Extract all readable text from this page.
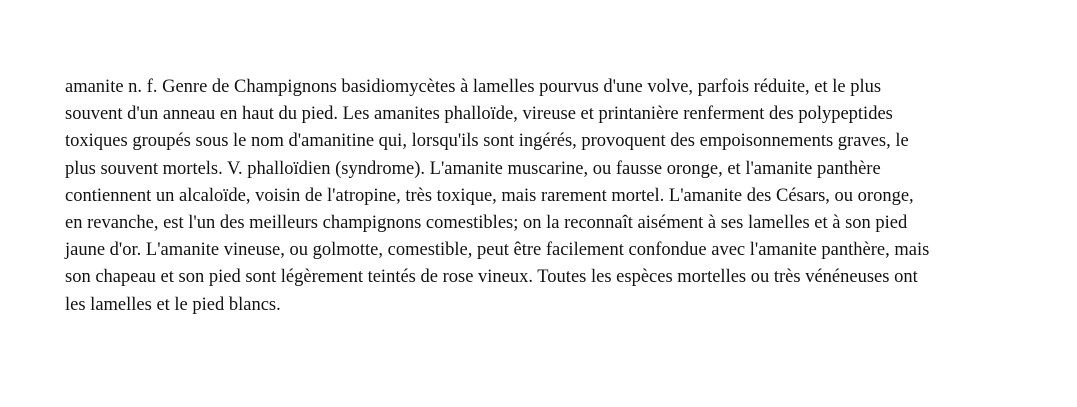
amanite n. f. Genre de Champignons basidiomycètes à lamelles pourvus d'une volve, parfois réduite, et le plus
souvent d'un anneau en haut du pied. Les amanites phalloïde, vireuse et printanière renferment des polypeptides
toxiques groupés sous le nom d'amanitine qui, lorsqu'ils sont ingérés, provoquent des empoisonnements graves, le
plus souvent mortels. V. phalloïdien (syndrome). L'amanite muscarine, ou fausse oronge, et l'amanite panthère
contiennent un alcaloïde, voisin de l'atropine, très toxique, mais rarement mortel. L'amanite des Césars, ou oronge,
en revanche, est l'un des meilleurs champignons comestibles; on la reconnaît aisément à ses lamelles et à son pied
jaune d'or. L'amanite vineuse, ou golmotte, comestible, peut être facilement confondue avec l'amanite panthère, mais
son chapeau et son pied sont légèrement teintés de rose vineux. Toutes les espèces mortelles ou très vénéneuses ont
les lamelles et le pied blancs.
